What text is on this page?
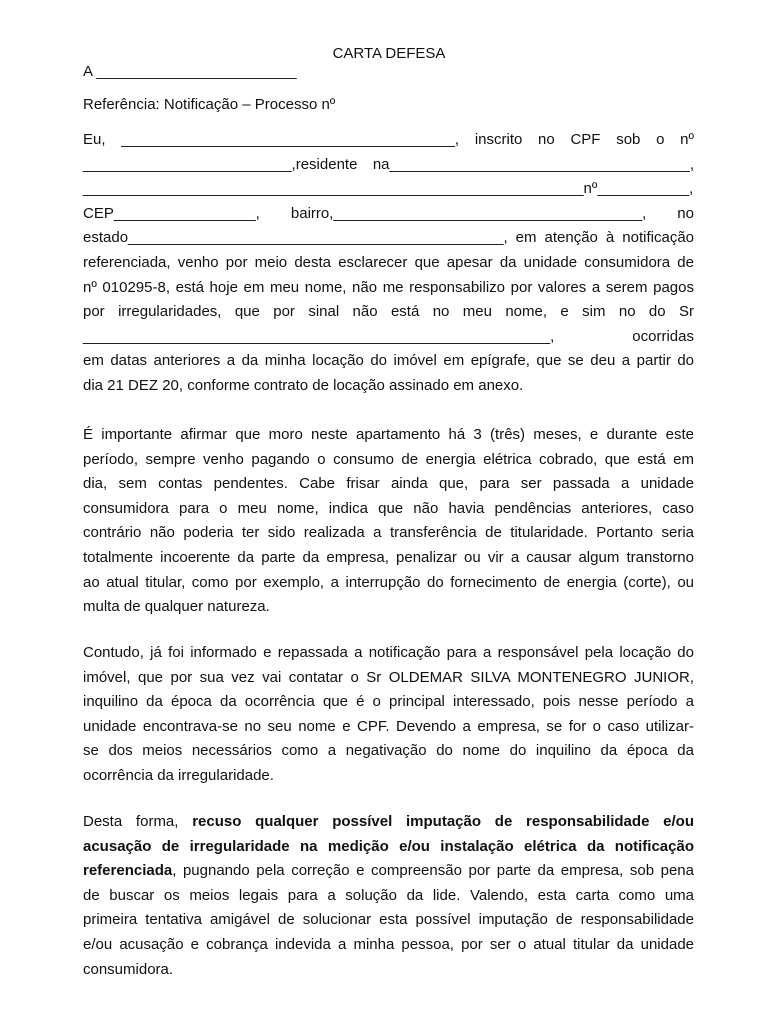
CARTA DEFESA
A ________________________
Referência: Notificação – Processo nº
Eu, ________________________________________, inscrito no CPF sob o nº
_________________________,residente na____________________________________,
____________________________________________________________nº___________,
CEP_________________, bairro,_____________________________________, no
estado_____________________________________________, em atenção à notificação
referenciada, venho por meio desta esclarecer que apesar da unidade consumidora de
nº 010295-8, está hoje em meu nome, não me responsabilizo por valores a serem pagos
por irregularidades, que por sinal não está no meu nome, e sim no do Sr
________________________________________________________, ocorridas
em datas anteriores a da minha locação do imóvel em epígrafe, que se deu a partir do
dia 21 DEZ 20, conforme contrato de locação assinado em anexo.
É importante afirmar que moro neste apartamento há 3 (três) meses, e durante este
período, sempre venho pagando o consumo de energia elétrica cobrado, que está em
dia, sem contas pendentes. Cabe frisar ainda que, para ser passada a unidade
consumidora para o meu nome, indica que não havia pendências anteriores, caso
contrário não poderia ter sido realizada a transferência de titularidade. Portanto seria
totalmente incoerente da parte da empresa, penalizar ou vir a causar algum transtorno
ao atual titular, como por exemplo, a interrupção do fornecimento de energia (corte), ou
multa de qualquer natureza.
Contudo, já foi informado e repassada a notificação para a responsável pela locação do
imóvel, que por sua vez vai contatar o Sr OLDEMAR SILVA MONTENEGRO JUNIOR,
inquilino da época da ocorrência que é o principal interessado, pois nesse período a
unidade encontrava-se no seu nome e CPF. Devendo a empresa, se for o caso utilizar-
se dos meios necessários como a negativação do nome do inquilino da época da
ocorrência da irregularidade.
Desta forma, recuso qualquer possível imputação de responsabilidade e/ou
acusação de irregularidade na medição e/ou instalação elétrica da notificação
referenciada, pugnando pela correção e compreensão por parte da empresa, sob pena
de buscar os meios legais para a solução da lide. Valendo, esta carta como uma
primeira tentativa amigável de solucionar esta possível imputação de responsabilidade
e/ou acusação e cobrança indevida a minha pessoa, por ser o atual titular da unidade
consumidora.
